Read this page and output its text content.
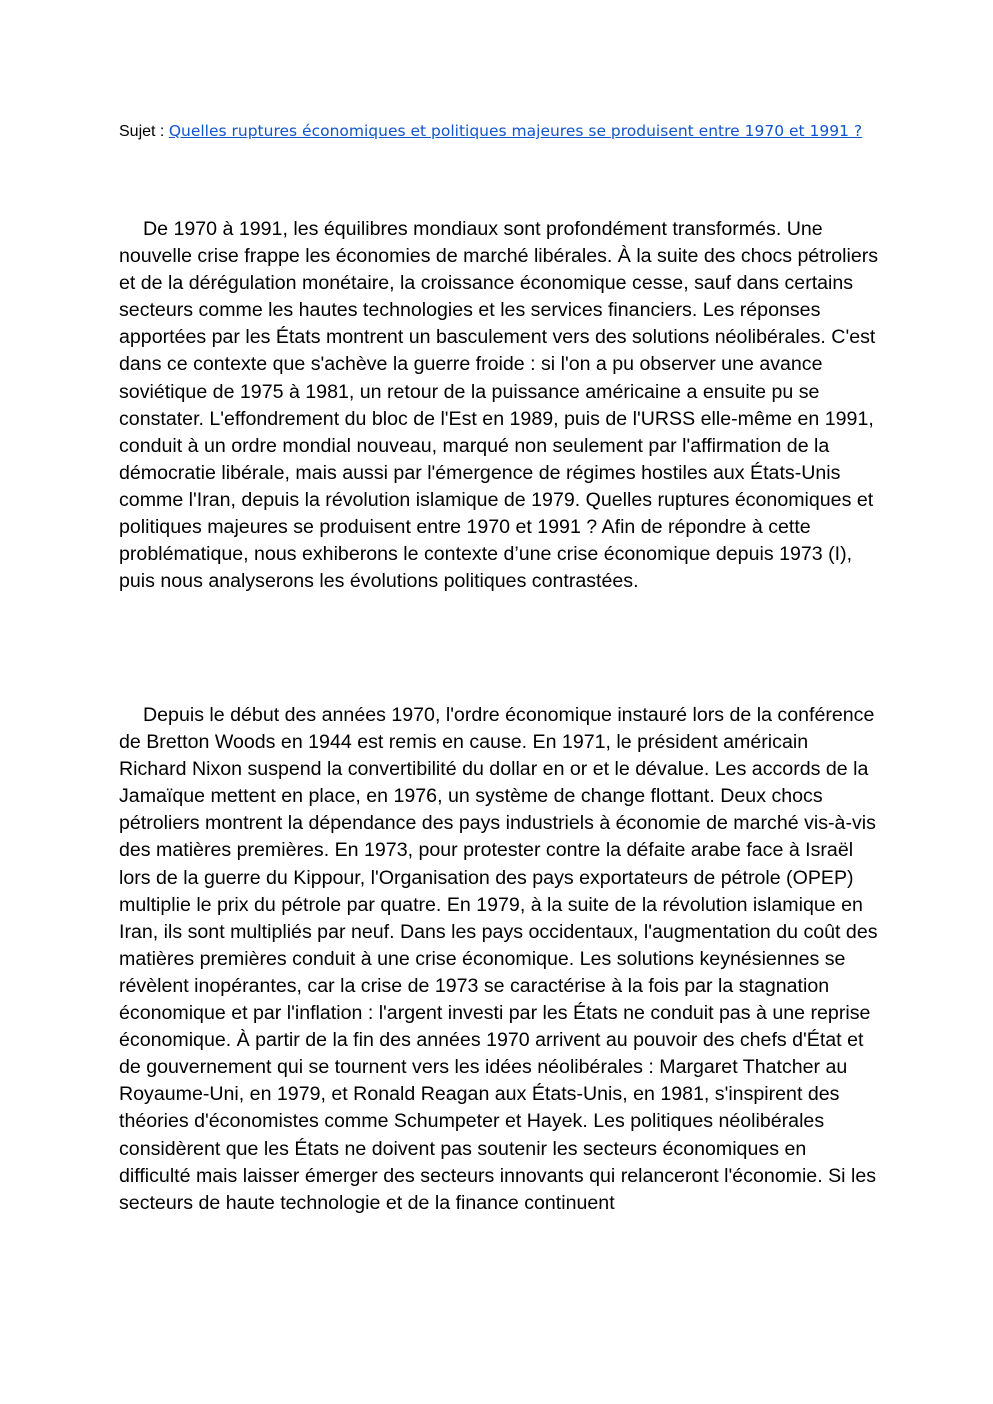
Sujet : Quelles ruptures économiques et politiques majeures se produisent entre 1970 et 1991 ?

De 1970 à 1991, les équilibres mondiaux sont profondément transformés. Une nouvelle crise frappe les économies de marché libérales. À la suite des chocs pétroliers et de la dérégulation monétaire, la croissance économique cesse, sauf dans certains secteurs comme les hautes technologies et les services financiers. Les réponses apportées par les États montrent un basculement vers des solutions néolibérales. C'est dans ce contexte que s'achève la guerre froide : si l'on a pu observer une avance soviétique de 1975 à 1981, un retour de la puissance américaine a ensuite pu se constater. L'effondrement du bloc de l'Est en 1989, puis de l'URSS elle-même en 1991, conduit à un ordre mondial nouveau, marqué non seulement par l'affirmation de la démocratie libérale, mais aussi par l'émergence de régimes hostiles aux États-Unis comme l'Iran, depuis la révolution islamique de 1979. Quelles ruptures économiques et politiques majeures se produisent entre 1970 et 1991 ? Afin de répondre à cette problématique, nous exhiberons le contexte d’une crise économique depuis 1973 (I), puis nous analyserons les évolutions politiques contrastées.

Depuis le début des années 1970, l'ordre économique instauré lors de la conférence de Bretton Woods en 1944 est remis en cause. En 1971, le président américain Richard Nixon suspend la convertibilité du dollar en or et le dévalue. Les accords de la Jamaïque mettent en place, en 1976, un système de change flottant. Deux chocs pétroliers montrent la dépendance des pays industriels à économie de marché vis-à-vis des matières premières. En 1973, pour protester contre la défaite arabe face à Israël lors de la guerre du Kippour, l'Organisation des pays exportateurs de pétrole (OPEP) multiplie le prix du pétrole par quatre. En 1979, à la suite de la révolution islamique en Iran, ils sont multipliés par neuf. Dans les pays occidentaux, l'augmentation du coût des matières premières conduit à une crise économique. Les solutions keynésiennes se révèlent inopérantes, car la crise de 1973 se caractérise à la fois par la stagnation économique et par l'inflation : l'argent investi par les États ne conduit pas à une reprise économique. À partir de la fin des années 1970 arrivent au pouvoir des chefs d'État et de gouvernement qui se tournent vers les idées néolibérales : Margaret Thatcher au Royaume-Uni, en 1979, et Ronald Reagan aux États-Unis, en 1981, s'inspirent des théories d'économistes comme Schumpeter et Hayek. Les politiques néolibérales considèrent que les États ne doivent pas soutenir les secteurs économiques en difficulté mais laisser émerger des secteurs innovants qui relanceront l'économie. Si les secteurs de haute technologie et de la finance continuent
